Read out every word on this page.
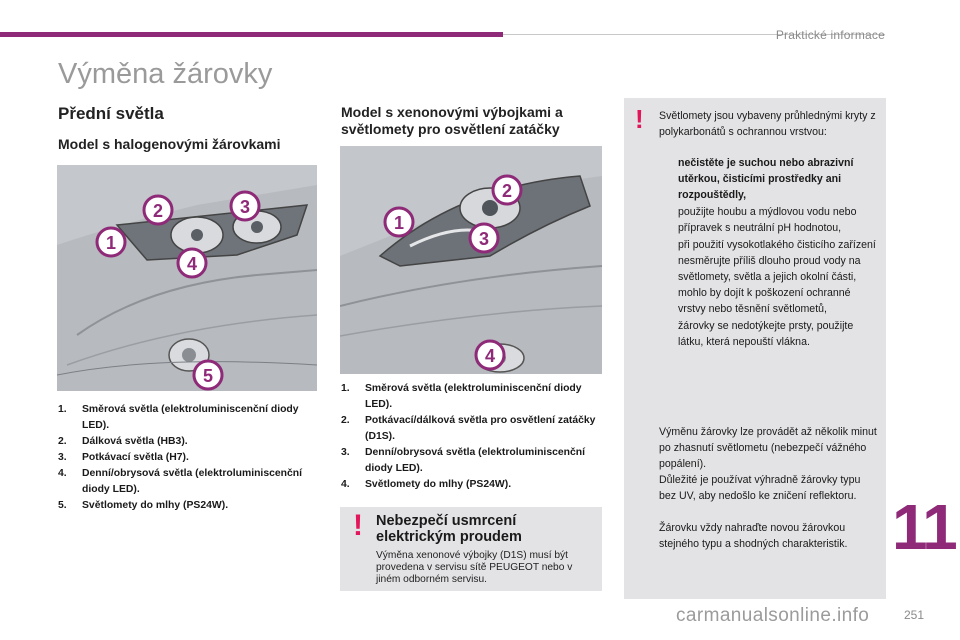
Praktické informace
Výměna žárovky
Přední světla
Model s halogenovými žárovkami
1
2	3
4
5
1. Směrová světla (elektroluminiscenční diody LED).
2. Dálková světla (HB3).
3. Potkávací světla (H7).
4. Denní/obrysová světla (elektroluminiscenční diody LED).
5. Světlomety do mlhy (PS24W).
Model s xenonovými výbojkami a světlomety pro osvětlení zatáčky
1
2
3
4
1. Směrová světla (elektroluminiscenční diody LED).
2. Potkávací/dálková světla pro osvětlení zatáčky (D1S).
3. Denní/obrysová světla (elektroluminiscenční diody LED).
4. Světlomety do mlhy (PS24W).
! Nebezpečí usmrcení elektrickým proudem
Výměna xenonové výbojky (D1S) musí být provedena v servisu sítě PEUGEOT nebo v jiném odborném servisu.
! Světlomety jsou vybaveny průhlednými kryty z polykarbonátů s ochrannou vrstvou:
nečistěte je suchou nebo abrazivní utěrkou, čisticími prostředky ani rozpouštědly,
použijte houbu a mýdlovou vodu nebo přípravek s neutrální pH hodnotou,
při použití vysokotlakého čisticího zařízení nesměrujte příliš dlouho proud vody na světlomety, světla a jejich okolní části, mohlo by dojít k poškození ochranné vrstvy nebo těsnění světlometů,
žárovky se nedotýkejte prsty, použijte látku, která nepouští vlákna.
Výměnu žárovky lze provádět až několik minut po zhasnutí světlometu (nebezpečí vážného popálení).
Důležité je používat výhradně žárovky typu bez UV, aby nedošlo ke zničení reflektoru.
Žárovku vždy nahraďte novou žárovkou stejného typu a shodných charakteristik. 11
carmanualsonline.info	251
